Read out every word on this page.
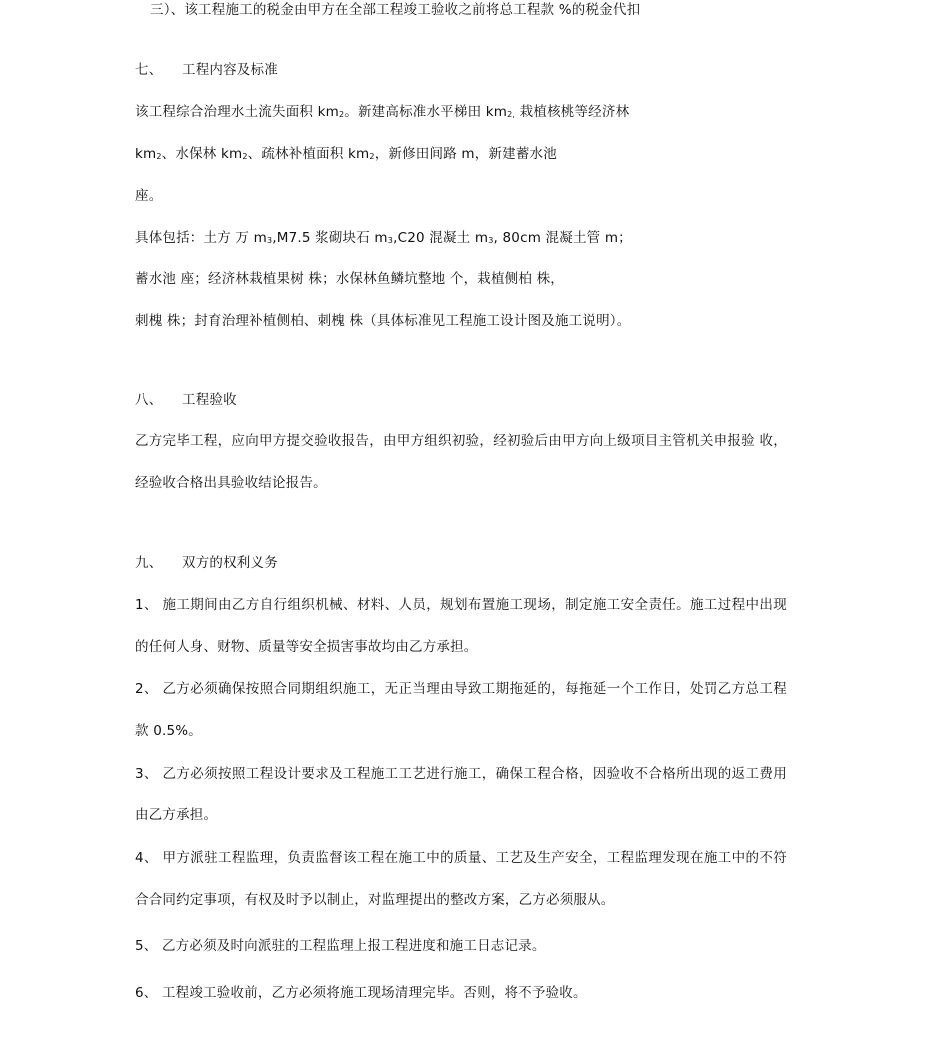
三）、该工程施工的税金由甲方在全部工程竣工验收之前将总工程款 %的税金代扣
七、 工程内容及标准
该工程综合治理水土流失面积 $km_2$。新建高标准水平梯田 $km_{2,}$ 栽植核桃等经济林
$km_2$、水保林 $km_2$、疏林补植面积 $km_2$，新修田间路 m，新建蓄水池
座。
具体包括：土方 万 $m_3,M7.5$ 浆砌块石 $m_3,C20$ 混凝土 $m_3$, 80cm 混凝土管 m；
蓄水池 座；经济林栽植果树 株；水保林鱼鳞坑整地 个，栽植侧柏 株，
刺槐 株；封育治理补植侧柏、刺槐 株（具体标准见工程施工设计图及施工说明）。
八、 工程验收
乙方完毕工程，应向甲方提交验收报告，由甲方组织初验，经初验后由甲方向上级项目主管机关申报验 收，
经验收合格出具验收结论报告。
九、 双方的权利义务
1、 施工期间由乙方自行组织机械、材料、人员，规划布置施工现场，制定施工安全责任。施工过程中出现
的任何人身、财物、质量等安全损害事故均由乙方承担。
2、 乙方必须确保按照合同期组织施工，无正当理由导致工期拖延的，每拖延一个工作日，处罚乙方总工程
款 0.5%。
3、 乙方必须按照工程设计要求及工程施工工艺进行施工，确保工程合格，因验收不合格所出现的返工费用
由乙方承担。
4、 甲方派驻工程监理，负责监督该工程在施工中的质量、工艺及生产安全，工程监理发现在施工中的不符
合合同约定事项，有权及时予以制止，对监理提出的整改方案，乙方必须服从。
5、 乙方必须及时向派驻的工程监理上报工程进度和施工日志记录。
6、 工程竣工验收前，乙方必须将施工现场清理完毕。否则，将不予验收。
